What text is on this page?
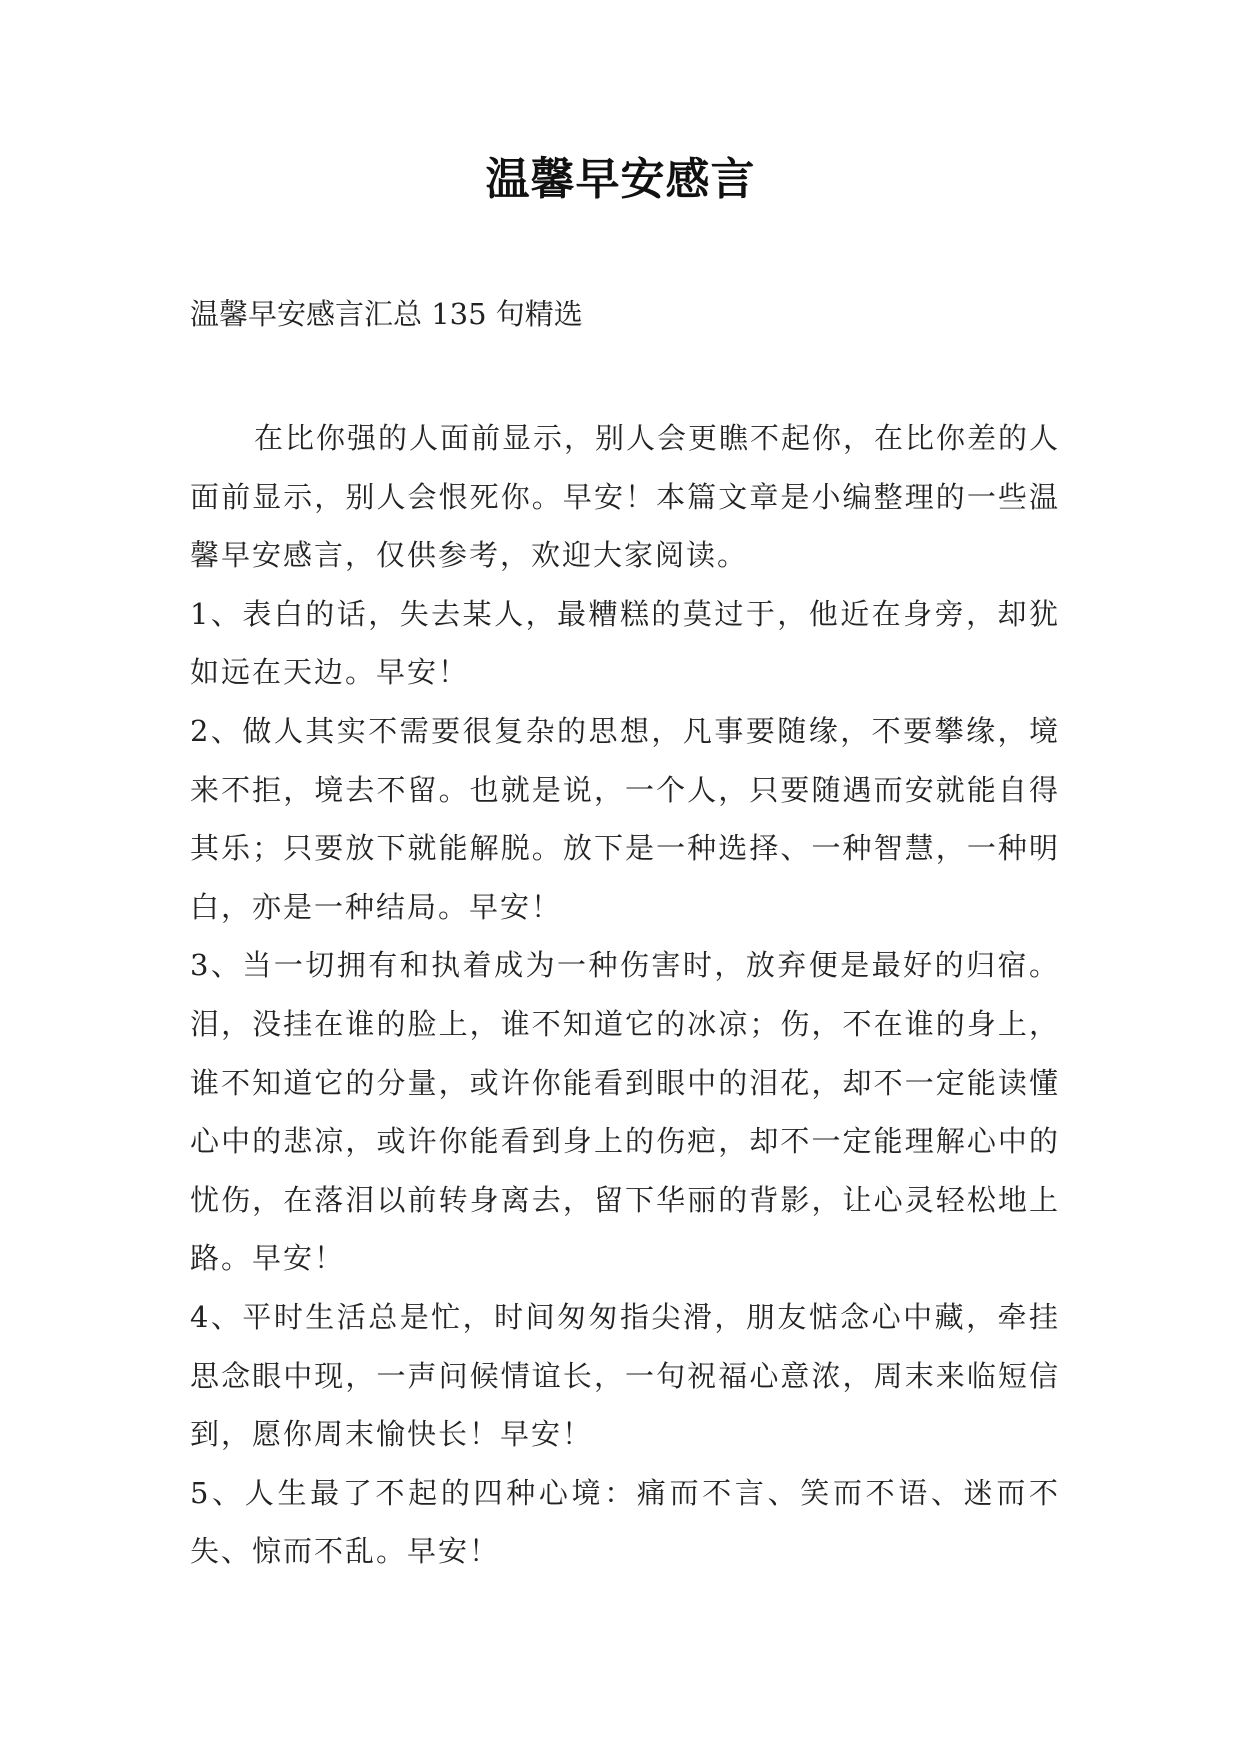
温馨早安感言
温馨早安感言汇总 135 句精选

在比你强的人面前显示，别人会更瞧不起你，在比你差的人面前显示，别人会恨死你。早安！本篇文章是小编整理的一些温馨早安感言，仅供参考，欢迎大家阅读。

1、表白的话，失去某人，最糟糕的莫过于，他近在身旁，却犹如远在天边。早安！

2、做人其实不需要很复杂的思想，凡事要随缘，不要攀缘，境来不拒，境去不留。也就是说，一个人，只要随遇而安就能自得其乐；只要放下就能解脱。放下是一种选择、一种智慧，一种明白，亦是一种结局。早安！

3、当一切拥有和执着成为一种伤害时，放弃便是最好的归宿。泪，没挂在谁的脸上，谁不知道它的冰凉；伤，不在谁的身上，谁不知道它的分量，或许你能看到眼中的泪花，却不一定能读懂心中的悲凉，或许你能看到身上的伤疤，却不一定能理解心中的忧伤，在落泪以前转身离去，留下华丽的背影，让心灵轻松地上路。早安！

4、平时生活总是忙，时间匆匆指尖滑，朋友惦念心中藏，牵挂思念眼中现，一声问候情谊长，一句祝福心意浓，周末来临短信到，愿你周末愉快长！早安！

5、人生最了不起的四种心境：痛而不言、笑而不语、迷而不失、惊而不乱。早安！
